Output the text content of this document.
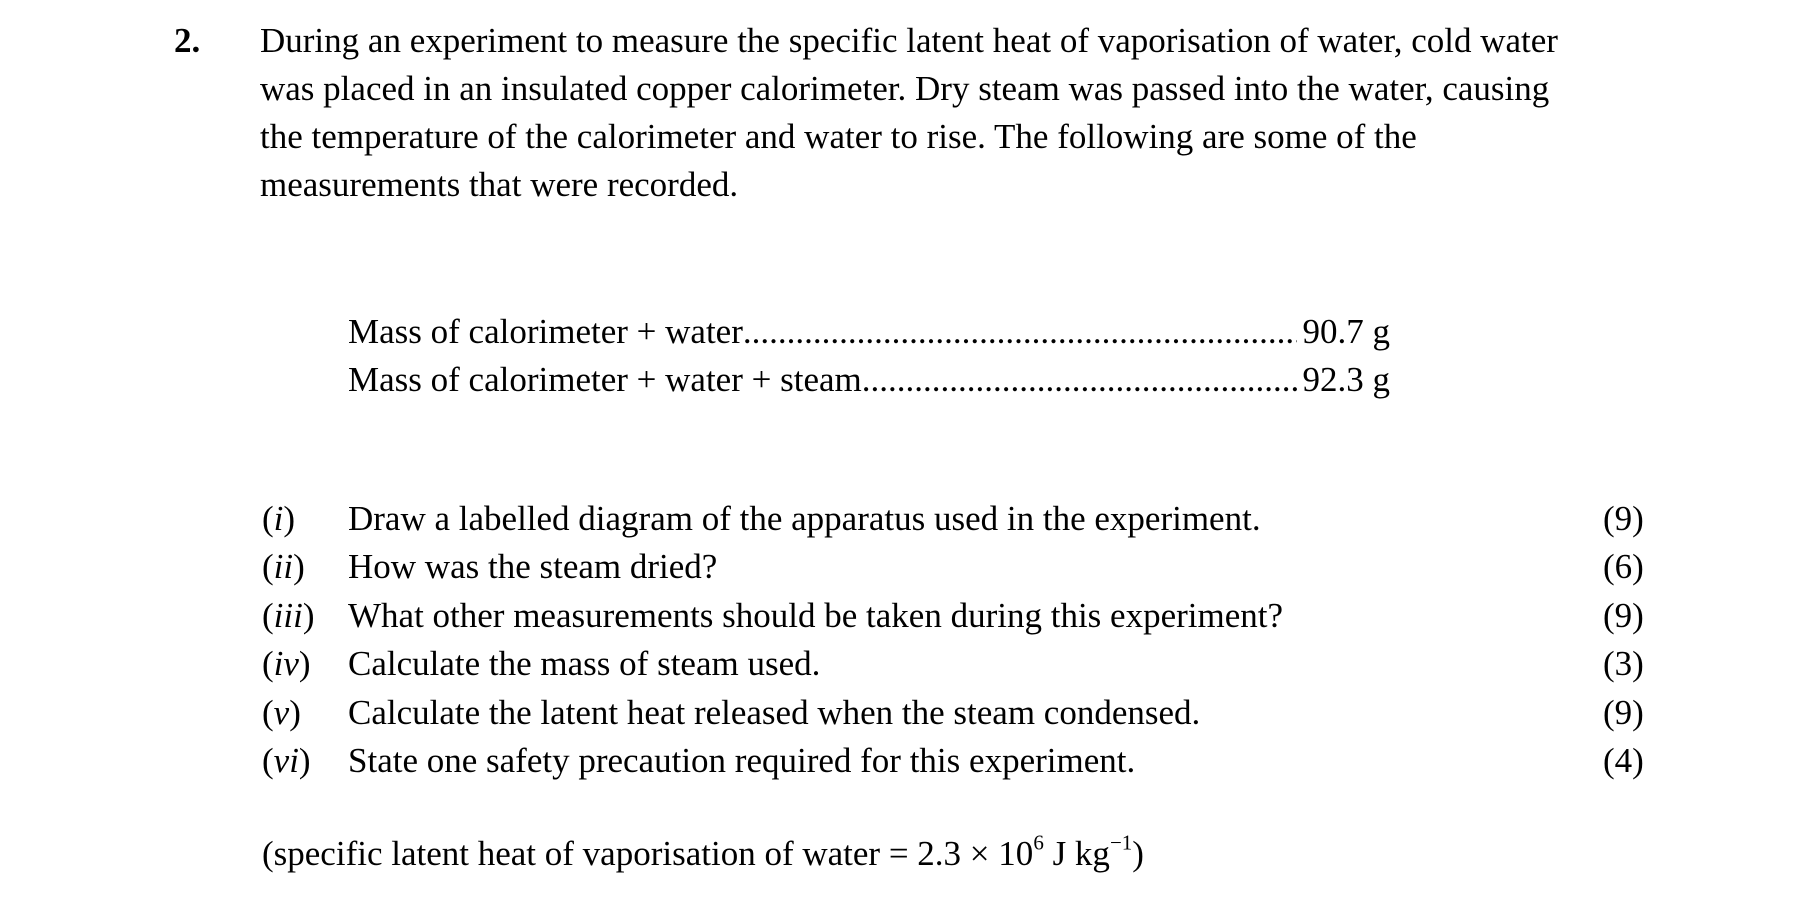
2. During an experiment to measure the specific latent heat of vaporisation of water, cold water
was placed in an insulated copper calorimeter. Dry steam was passed into the water, causing
the temperature of the calorimeter and water to rise. The following are some of the
measurements that were recorded.
Mass of calorimeter + water .....	90.7 g
Mass of calorimeter + water + steam .....	92.3 g
(i) Draw a labelled diagram of the apparatus used in the experiment.	(9)
(ii) How was the steam dried?	(6)
(iii) What other measurements should be taken during this experiment?	(9)
(iv) Calculate the mass of steam used.	(3)
(v) Calculate the latent heat released when the steam condensed.	(9)
(vi) State one safety precaution required for this experiment.	(4)
(specific latent heat of vaporisation of water = $2.3 \times 10^6$ J $kg^{-1}$)
